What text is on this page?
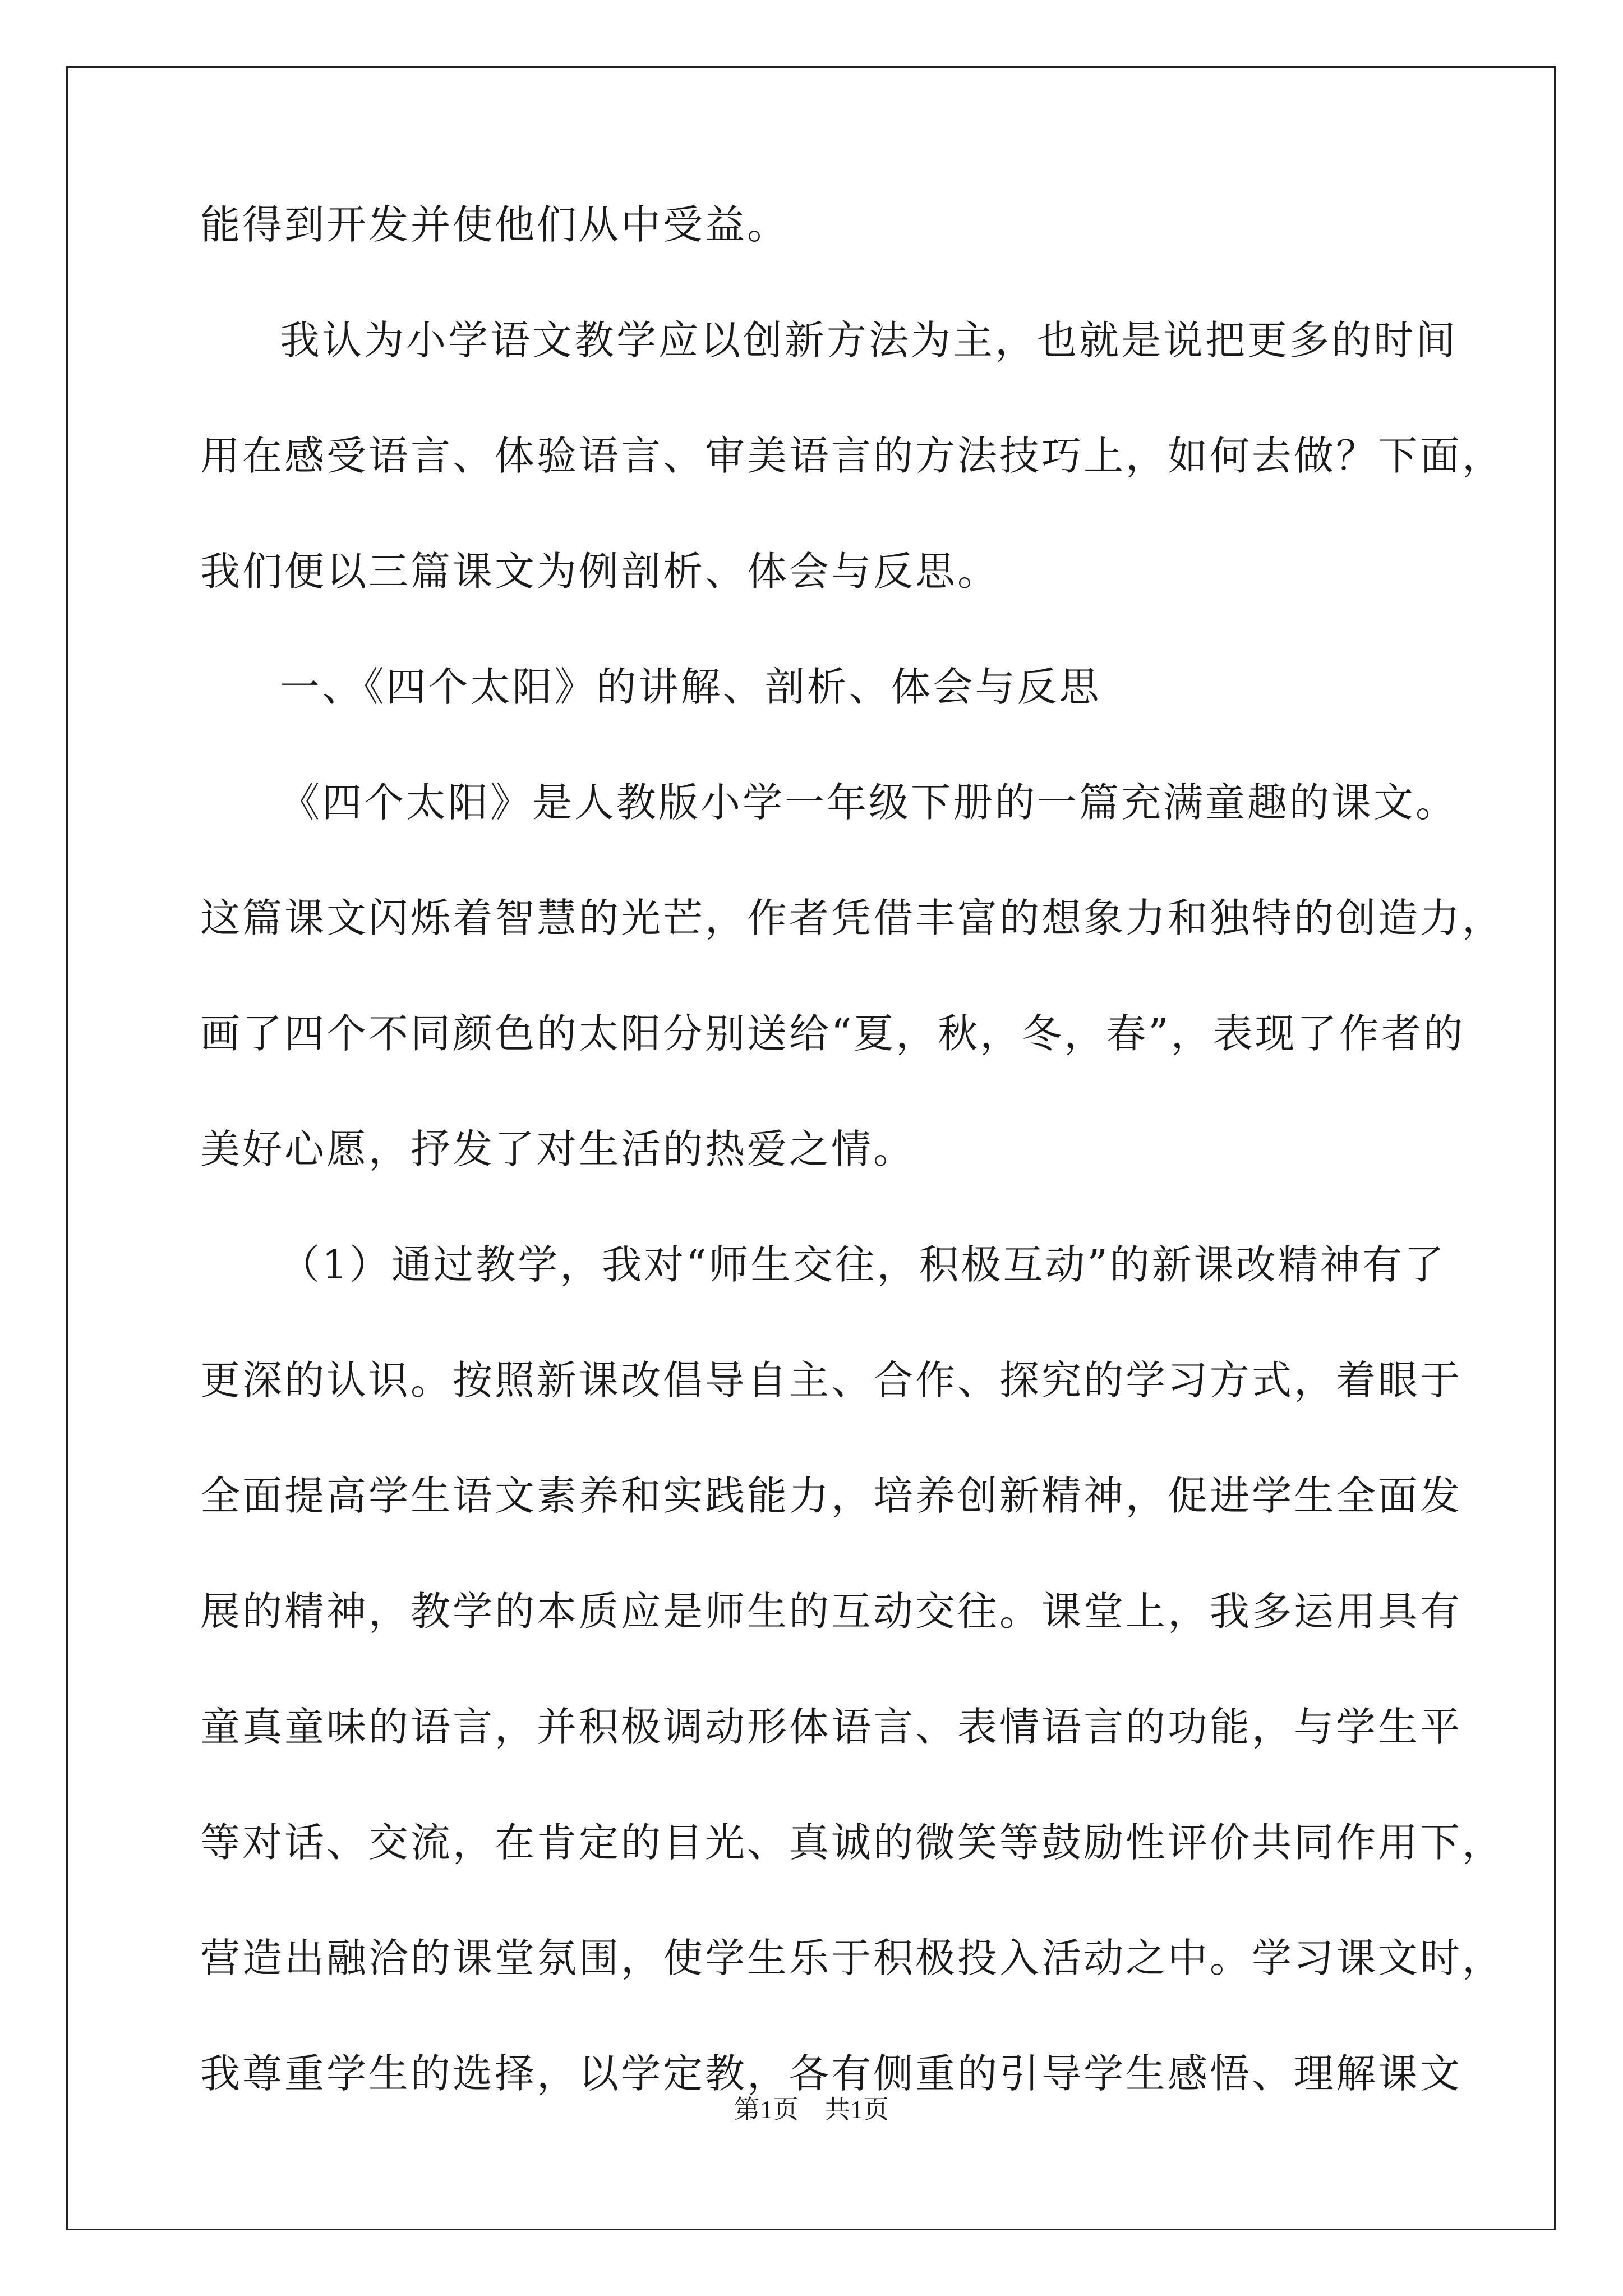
能得到开发并使他们从中受益。
我认为小学语文教学应以创新方法为主，也就是说把更多的时间
用在感受语言、体验语言、审美语言的方法技巧上，如何去做？下面，
我们便以三篇课文为例剖析、体会与反思。
一、《四个太阳》的讲解、剖析、体会与反思
《四个太阳》是人教版小学一年级下册的一篇充满童趣的课文。
这篇课文闪烁着智慧的光芒，作者凭借丰富的想象力和独特的创造力，
画了四个不同颜色的太阳分别送给“夏，秋，冬，春”，表现了作者的
美好心愿，抒发了对生活的热爱之情。
（1）通过教学，我对“师生交往，积极互动”的新课改精神有了
更深的认识。按照新课改倡导自主、合作、探究的学习方式，着眼于
全面提高学生语文素养和实践能力，培养创新精神，促进学生全面发
展的精神，教学的本质应是师生的互动交往。课堂上，我多运用具有
童真童味的语言，并积极调动形体语言、表情语言的功能，与学生平
等对话、交流，在肯定的目光、真诚的微笑等鼓励性评价共同作用下，
营造出融洽的课堂氛围，使学生乐于积极投入活动之中。学习课文时，
我尊重学生的选择，以学定教，各有侧重的引导学生感悟、理解课文
第1页　共1页
